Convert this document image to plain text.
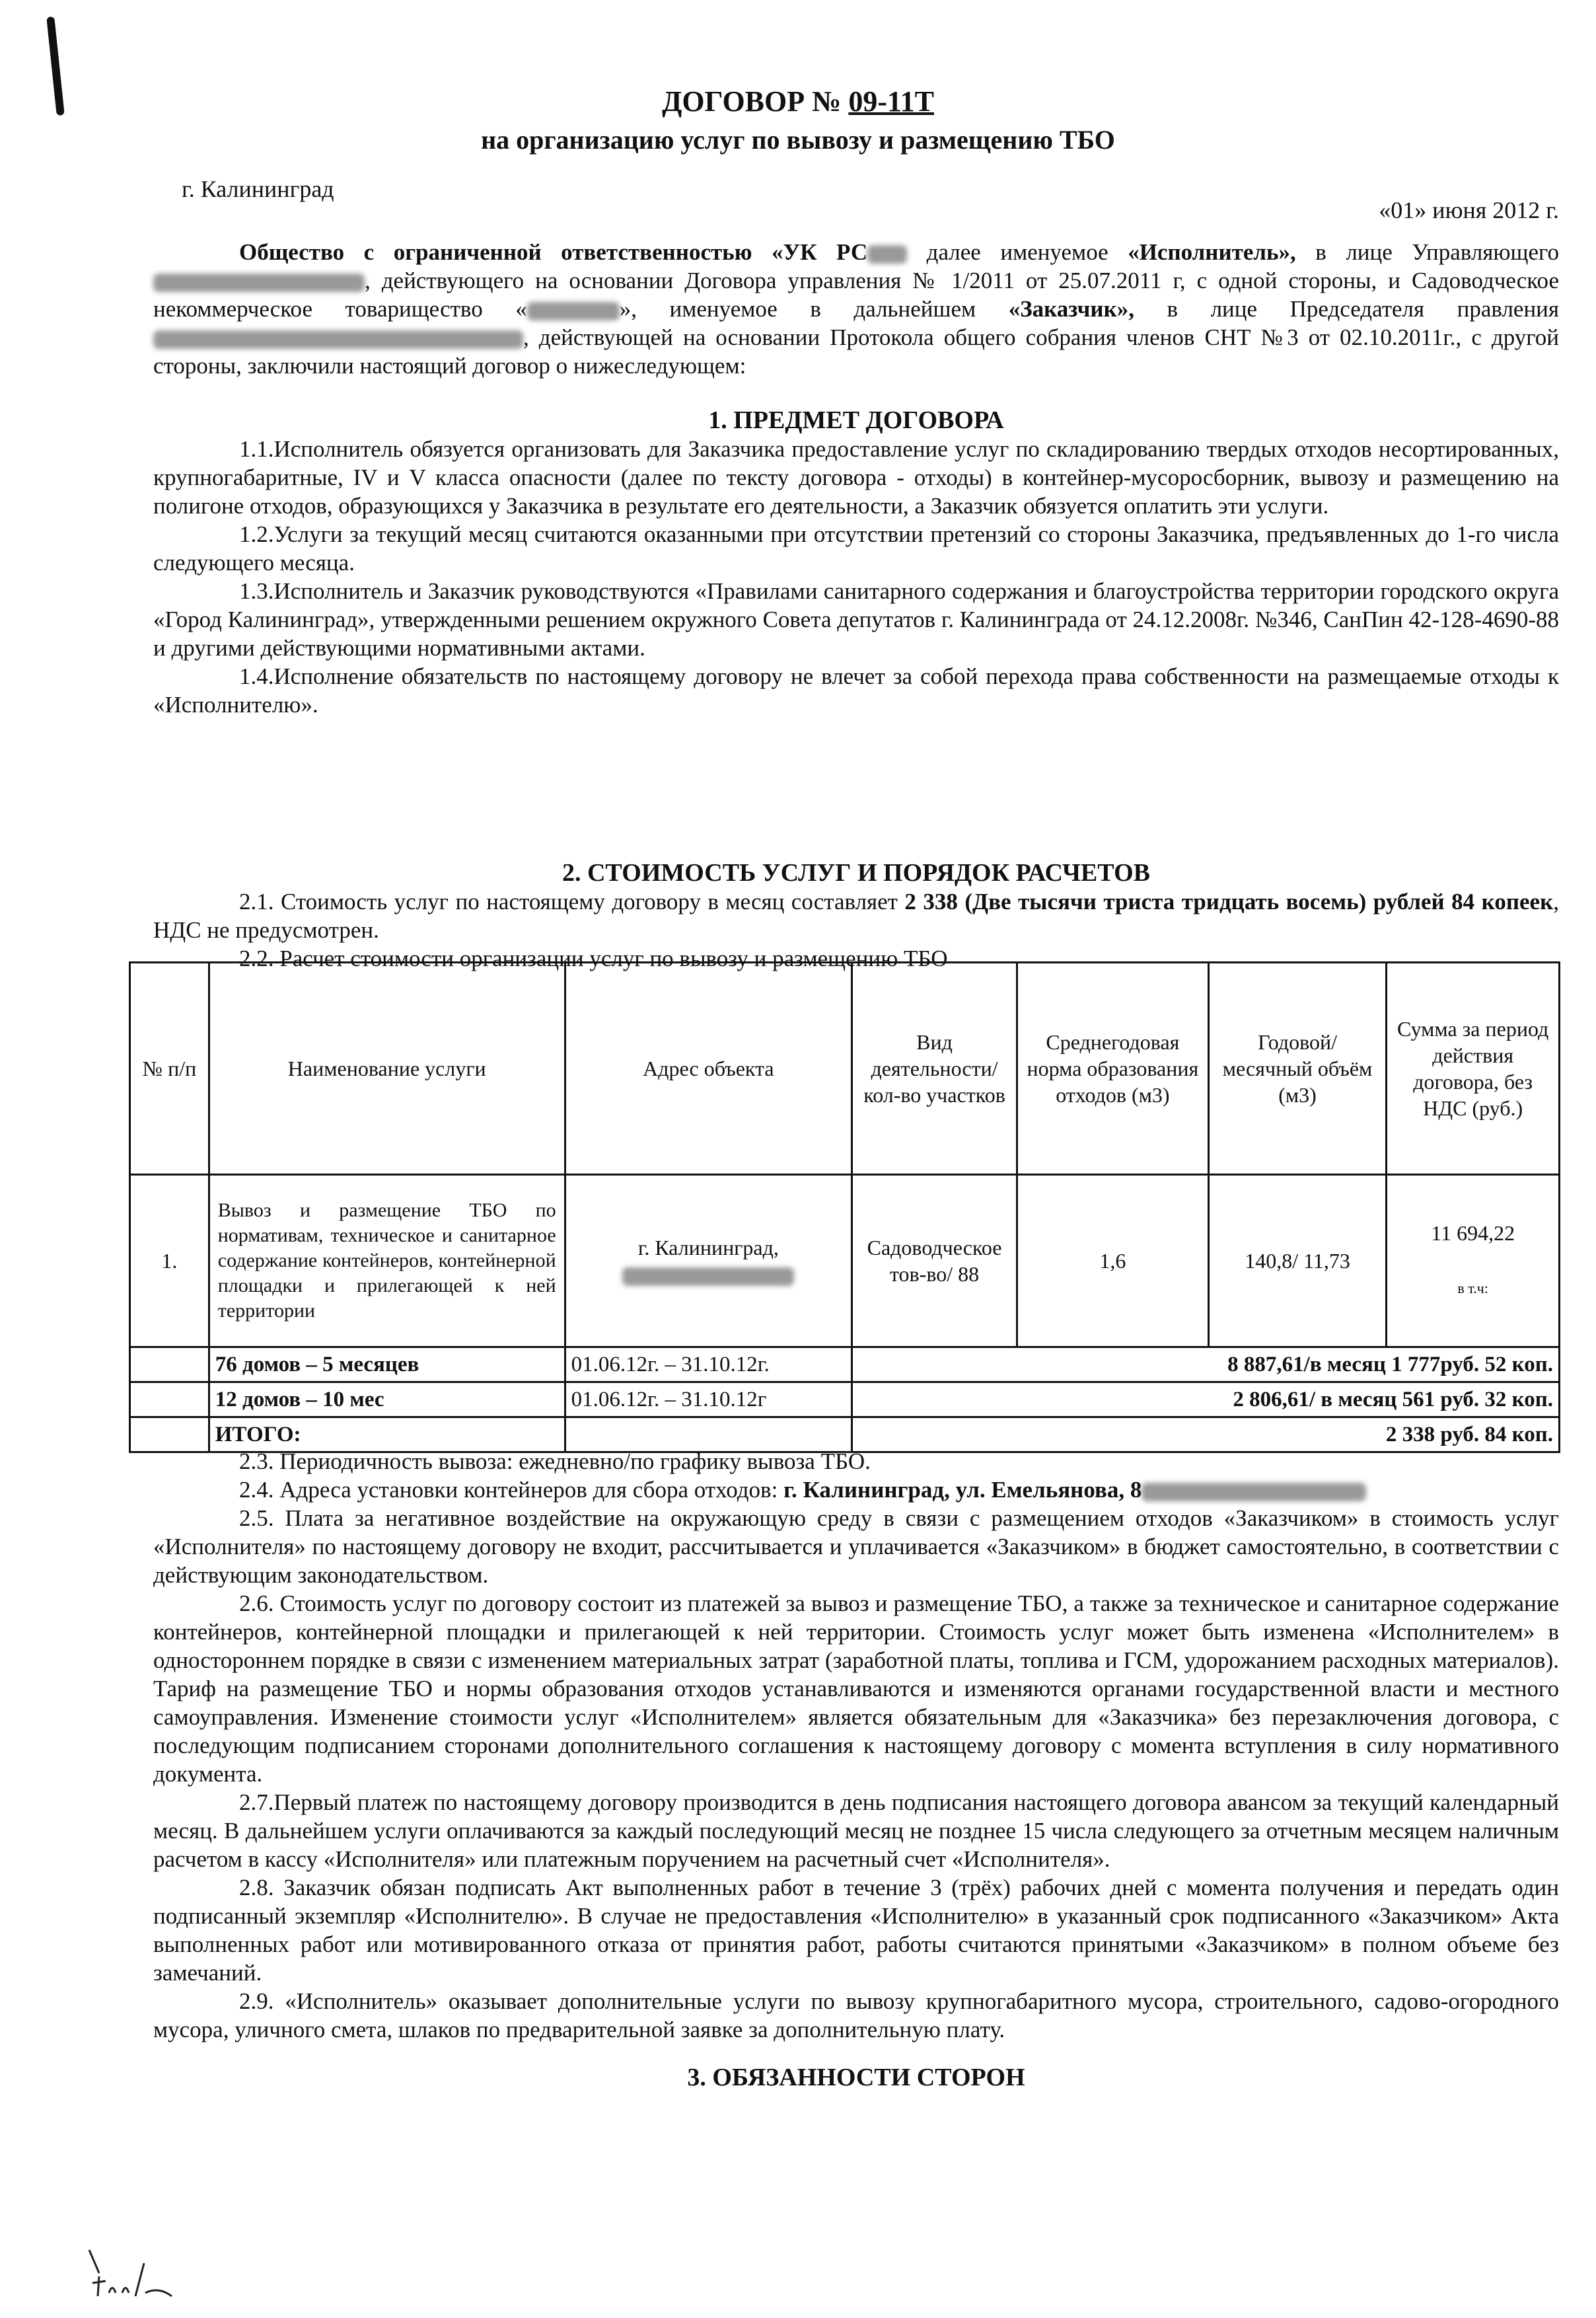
ДОГОВОР № 09-11Т
на организацию услуг по вывозу и размещению ТБО
г. Калининград
«01» июня 2012 г.

Общество с ограниченной ответственностью «УК РС далее именуемое «Исполнитель», в лице Управляющего , действующего на основании Договора управления № 1/2011 от 25.07.2011 г, с одной стороны, и Садоводческое некоммерческое товарищество «	», именуемое в дальнейшем «Заказчик», в лице Председателя правления , действующей на основании Протокола общего собрания членов СНТ №3 от 02.10.2011г., с другой стороны, заключили настоящий договор о нижеследующем:

1. ПРЕДМЕТ ДОГОВОРА

1.1.Исполнитель обязуется организовать для Заказчика предоставление услуг по складированию твердых отходов несортированных, крупногабаритные, IV и V класса опасности (далее по тексту договора - отходы) в контейнер-мусоросборник, вывозу и размещению на полигоне отходов, образующихся у Заказчика в результате его деятельности, а Заказчик обязуется оплатить эти услуги.

1.2.Услуги за текущий месяц считаются оказанными при отсутствии претензий со стороны Заказчика, предъявленных до 1-го числа следующего месяца.

1.3.Исполнитель и Заказчик руководствуются «Правилами санитарного содержания и благоустройства территории городского округа «Город Калининград», утвержденными решением окружного Совета депутатов г. Калининграда от 24.12.2008г. №346, СанПин 42-128-4690-88 и другими действующими нормативными актами.

1.4.Исполнение обязательств по настоящему договору не влечет за собой перехода права собственности на размещаемые отходы к «Исполнителю».

2. СТОИМОСТЬ УСЛУГ И ПОРЯДОК РАСЧЕТОВ

2.1. Стоимость услуг по настоящему договору в месяц составляет 2 338 (Две тысячи триста тридцать восемь) рублей 84 копеек, НДС не предусмотрен.

2.2. Расчет стоимости организации услуг по вывозу и размещению ТБО

№ п/п	Наименование услуги	Адрес объекта	Вид деятельности/ кол-во участков	Среднегодовая норма образования отходов (м3)	Годовой/ месячный объём (м3)	Сумма за период действия договора, без НДС (руб.)
1.	Вывоз и размещение ТБО по нормативам, техническое и санитарное содержание контейнеров, контейнерной площадки и прилегающей к ней территории	г. Калининград,	Садоводческое тов-во/ 88	1,6	140,8/ 11,73	11 694,22

в т.ч:
	76 домов – 5 месяцев	01.06.12г. – 31.10.12г.	8 887,61/в месяц 1 777руб. 52 коп.			
	12 домов – 10 мес	01.06.12г. – 31.10.12г	2 806,61/ в месяц 561 руб. 32 коп.			
	ИТОГО:		2 338 руб. 84 коп.			

2.3. Периодичность вывоза: ежедневно/по графику вывоза ТБО.

2.4. Адреса установки контейнеров для сбора отходов: г. Калининград, ул. Емельянова, 8

2.5. Плата за негативное воздействие на окружающую среду в связи с размещением отходов «Заказчиком» в стоимость услуг «Исполнителя» по настоящему договору не входит, рассчитывается и уплачивается «Заказчиком» в бюджет самостоятельно, в соответствии с действующим законодательством.

2.6. Стоимость услуг по договору состоит из платежей за вывоз и размещение ТБО, а также за техническое и санитарное содержание контейнеров, контейнерной площадки и прилегающей к ней территории. Стоимость услуг может быть изменена «Исполнителем» в одностороннем порядке в связи с изменением материальных затрат (заработной платы, топлива и ГСМ, удорожанием расходных материалов). Тариф на размещение ТБО и нормы образования отходов устанавливаются и изменяются органами государственной власти и местного самоуправления. Изменение стоимости услуг «Исполнителем» является обязательным для «Заказчика» без перезаключения договора, с последующим подписанием сторонами дополнительного соглашения к настоящему договору с момента вступления в силу нормативного документа.

2.7.Первый платеж по настоящему договору производится в день подписания настоящего договора авансом за текущий календарный месяц. В дальнейшем услуги оплачиваются за каждый последующий месяц не позднее 15 числа следующего за отчетным месяцем наличным расчетом в кассу «Исполнителя» или платежным поручением на расчетный счет «Исполнителя».

2.8. Заказчик обязан подписать Акт выполненных работ в течение 3 (трёх) рабочих дней с момента получения и передать один подписанный экземпляр «Исполнителю». В случае не предоставления «Исполнителю» в указанный срок подписанного «Заказчиком» Акта выполненных работ или мотивированного отказа от принятия работ, работы считаются принятыми «Заказчиком» в полном объеме без замечаний.

2.9. «Исполнитель» оказывает дополнительные услуги по вывозу крупногабаритного мусора, строительного, садово-огородного мусора, уличного смета, шлаков по предварительной заявке за дополнительную плату.

3. ОБЯЗАННОСТИ СТОРОН
